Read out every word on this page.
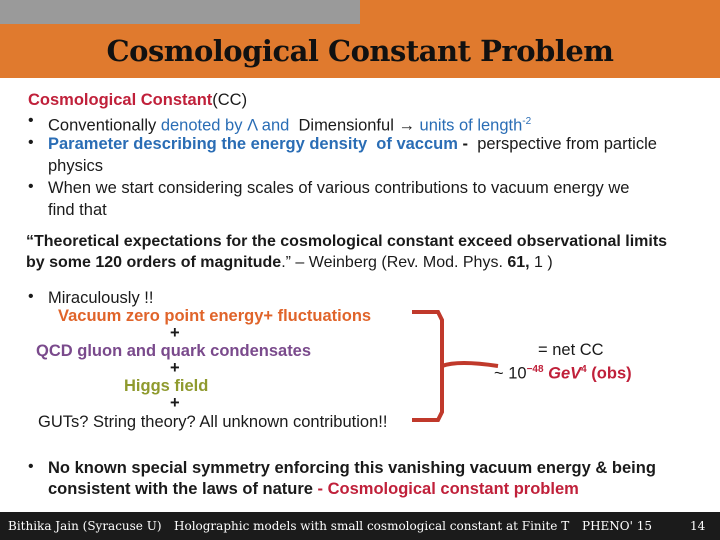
Cosmological Constant Problem
Cosmological Constant(CC)
• Conventionally denoted by Λ and Dimensionful → units of length$^{-2}$
• Parameter describing the energy density of vaccum - perspective from particle
physics
• When we start considering scales of various contributions to vacuum energy we
find that
“Theoretical expectations for the cosmological constant exceed observational limits
by some 120 orders of magnitude.” – Weinberg (Rev. Mod. Phys. 61, 1 )
• Miraculously !!
Vacuum zero point energy+ fluctuations
+
QCD gluon and quark condensates
+
Higgs field
+
GUTs? String theory? All unknown contribution!!
= net CC
~ $10^{-48}$ GeV$^4$ (obs)
• No known special symmetry enforcing this vanishing vacuum energy & being
consistent with the laws of nature - Cosmological constant problem
Bithika Jain (Syracuse U) Holographic models with small cosmological constant at Finite T PHENO' 15	14
